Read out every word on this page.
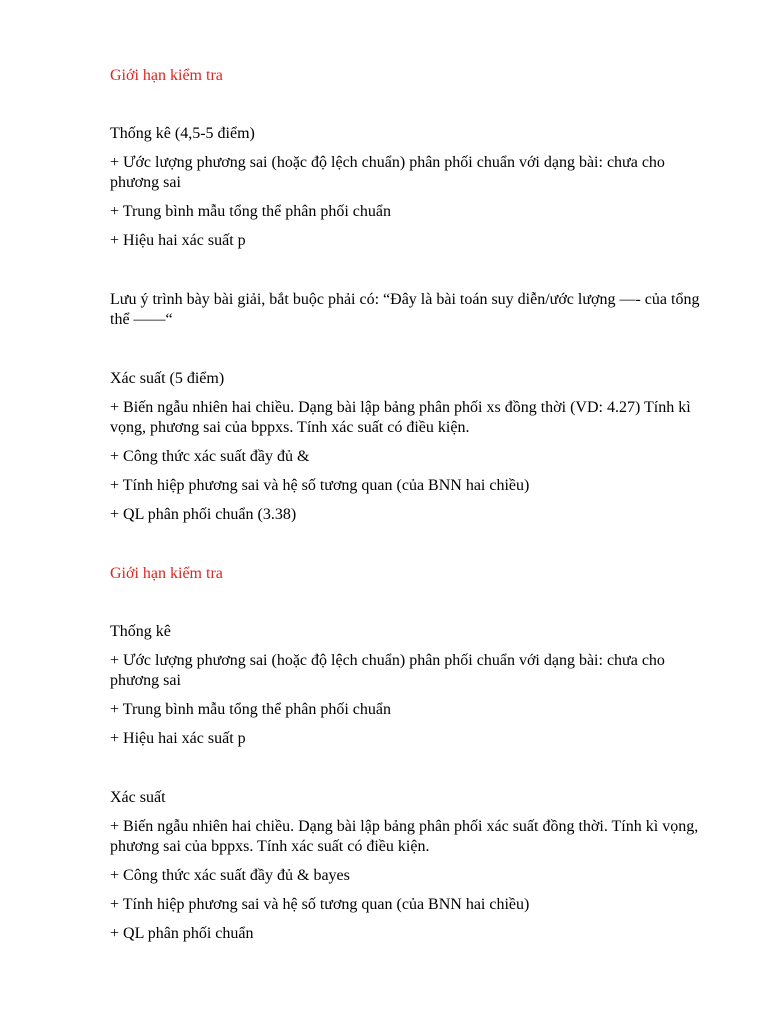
Giới hạn kiểm tra

Thống kê (4,5-5 điểm)

+ Ước lượng phương sai (hoặc độ lệch chuẩn) phân phối chuẩn với dạng bài: chưa cho phương sai

+ Trung bình mẫu tổng thể phân phối chuẩn

+ Hiệu hai xác suất p

Lưu ý trình bày bài giải, bắt buộc phải có: “Đây là bài toán suy diễn/ước lượng —- của tổng thể ——“

Xác suất (5 điểm)

+ Biến ngẫu nhiên hai chiều. Dạng bài lập bảng phân phối xs đồng thời (VD: 4.27) Tính kì vọng, phương sai của bppxs. Tính xác suất có điều kiện.

+ Công thức xác suất đầy đủ &

+ Tính hiệp phương sai và hệ số tương quan (của BNN hai chiều)

+ QL phân phối chuẩn (3.38)

Giới hạn kiểm tra

Thống kê

+ Ước lượng phương sai (hoặc độ lệch chuẩn) phân phối chuẩn với dạng bài: chưa cho phương sai

+ Trung bình mẫu tổng thể phân phối chuẩn

+ Hiệu hai xác suất p

Xác suất

+ Biến ngẫu nhiên hai chiều. Dạng bài lập bảng phân phối xác suất đồng thời. Tính kì vọng, phương sai của bppxs. Tính xác suất có điều kiện.

+ Công thức xác suất đầy đủ & bayes

+ Tính hiệp phương sai và hệ số tương quan (của BNN hai chiều)

+ QL phân phối chuẩn
